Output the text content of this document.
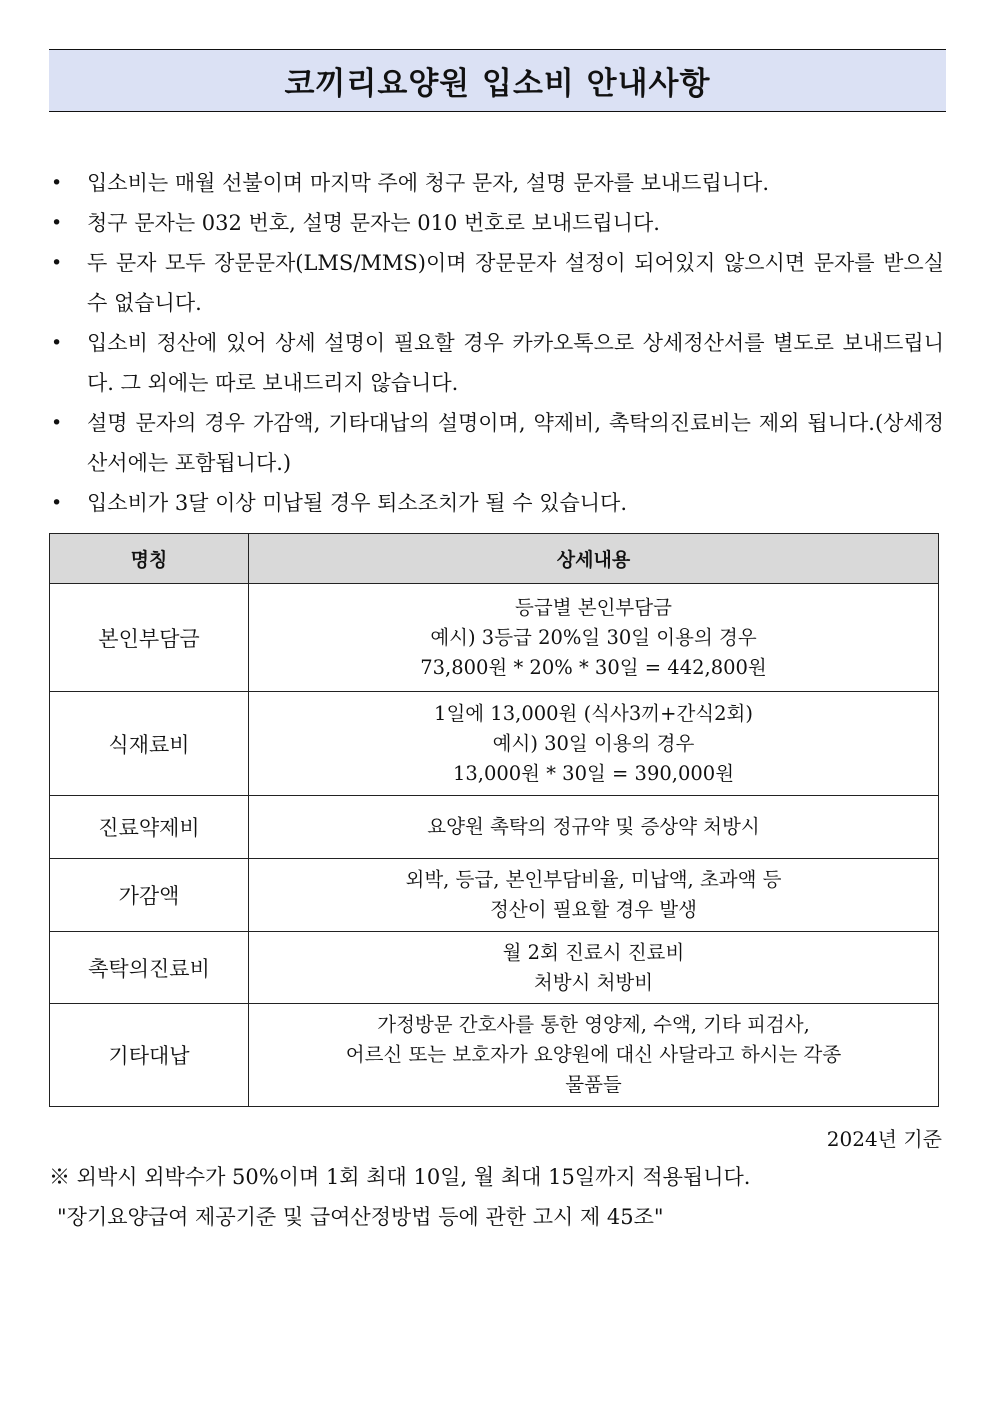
코끼리요양원 입소비 안내사항
• 입소비는 매월 선불이며 마지막 주에 청구 문자, 설명 문자를 보내드립니다.
• 청구 문자는 032 번호, 설명 문자는 010 번호로 보내드립니다.
• 두 문자 모두 장문문자(LMS/MMS)이며 장문문자 설정이 되어있지 않으시면 문자를 받으실 수 없습니다.
• 입소비 정산에 있어 상세 설명이 필요할 경우 카카오톡으로 상세정산서를 별도로 보내드립니다. 그 외에는 따로 보내드리지 않습니다.
• 설명 문자의 경우 가감액, 기타대납의 설명이며, 약제비, 촉탁의진료비는 제외 됩니다.(상세정산서에는 포함됩니다.)
• 입소비가 3달 이상 미납될 경우 퇴소조치가 될 수 있습니다.
명칭	상세내용
본인부담금	등급별 본인부담금
예시) 3등급 20%일 30일 이용의 경우
73,800원 * 20% * 30일 = 442,800원

식재료비	1일에 13,000원 (식사3끼+간식2회)
예시) 30일 이용의 경우
13,000원 * 30일 = 390,000원

진료약제비	요양원 촉탁의 정규약 및 증상약 처방시

가감액	외박, 등급, 본인부담비율, 미납액, 초과액 등
정산이 필요할 경우 발생

촉탁의진료비	월 2회 진료시 진료비
처방시 처방비

기타대납	가정방문 간호사를 통한 영양제, 수액, 기타 피검사,
어르신 또는 보호자가 요양원에 대신 사달라고 하시는 각종
물품들
2024년 기준
※ 외박시 외박수가 50%이며 1회 최대 10일, 월 최대 15일까지 적용됩니다.
"장기요양급여 제공기준 및 급여산정방법 등에 관한 고시 제 45조"
